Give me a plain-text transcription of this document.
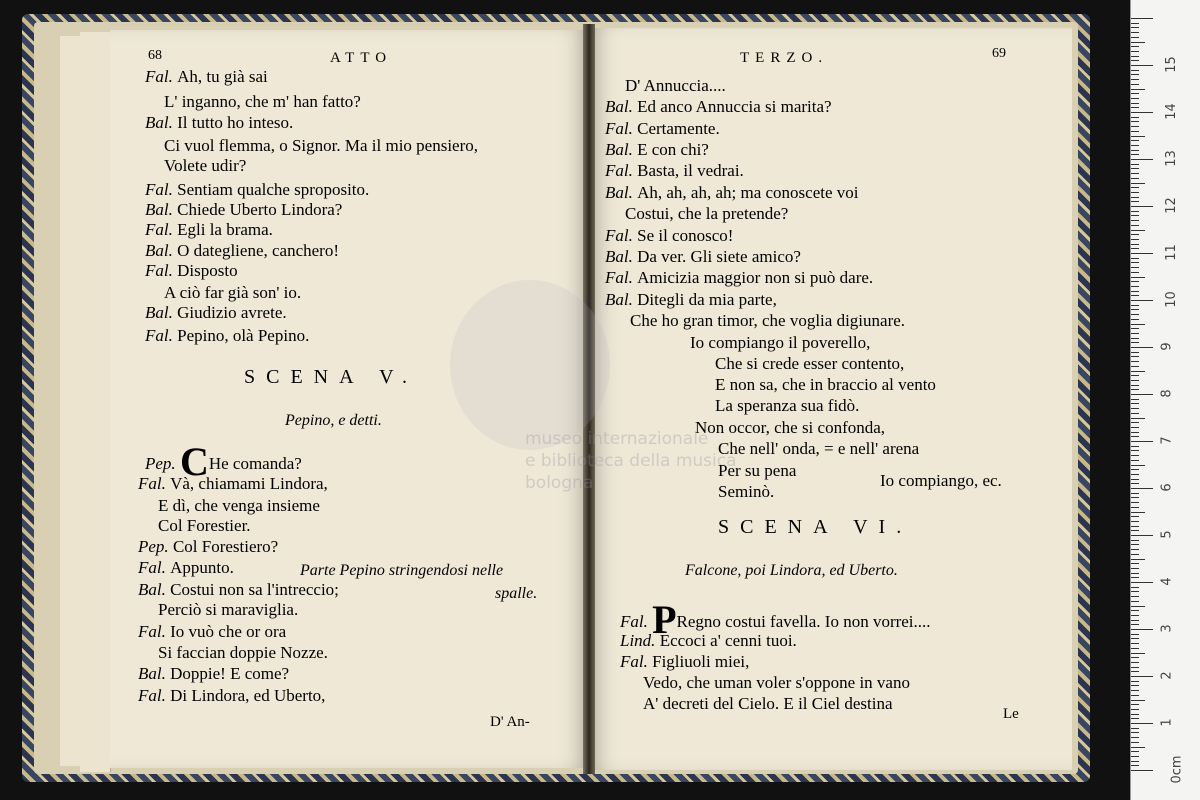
museo internazionale
e biblioteca della musica
bologna
68	ATTO
Fal. Ah, tu già sai
L' inganno, che m' han fatto?
Bal. Il tutto ho inteso.
Ci vuol flemma, o Signor. Ma il mio pensiero,
Volete udir?
Fal. Sentiam qualche sproposito.
Bal. Chiede Uberto Lindora?
Fal. Egli la brama.
Bal. O dategliene, canchero!
Fal. Disposto
A ciò far già son' io.
Bal. Giudizio avrete.
Fal. Pepino, olà Pepino.
SCENA V.
Pepino, e detti.
Pep. CHe comanda?
Fal. Và, chiamami Lindora,
E dì, che venga insieme
Col Forestier.
Pep. Col Forestiero?
Fal. Appunto.
Bal. Costui non sa l'intreccio;
Perciò si maraviglia.
Fal. Io vuò che or ora
Si faccian doppie Nozze.
Bal. Doppie! E come?
Fal. Di Lindora, ed Uberto,
Parte Pepino stringendosi nelle
spalle.
D' An-
TERZO.	69
D' Annuccia....
Bal. Ed anco Annuccia si marita?
Fal. Certamente.
Bal. E con chi?
Fal. Basta, il vedrai.
Bal. Ah, ah, ah, ah; ma conoscete voi
Costui, che la pretende?
Fal. Se il conosco!
Bal. Da ver. Gli siete amico?
Fal. Amicizia maggior non si può dare.
Bal. Ditegli da mia parte,
Che ho gran timor, che voglia digiunare.
Io compiango il poverello,
Che si crede esser contento,
E non sa, che in braccio al vento
La speranza sua fidò.
Non occor, che si confonda,
Che nell' onda, = e nell' arena
Per su pena
Seminò.
Io compiango, ec.
SCENA VI.
Falcone, poi Lindora, ed Uberto.
Fal. PRegno costui favella. Io non vorrei....
Lind. Eccoci a' cenni tuoi.
Fal. Figliuoli miei,
Vedo, che uman voler s'oppone in vano
A' decreti del Cielo. E il Ciel destina
Le
0cm
1
2
3
4
5
6
7
8
9
10
11
12
13
14
15
